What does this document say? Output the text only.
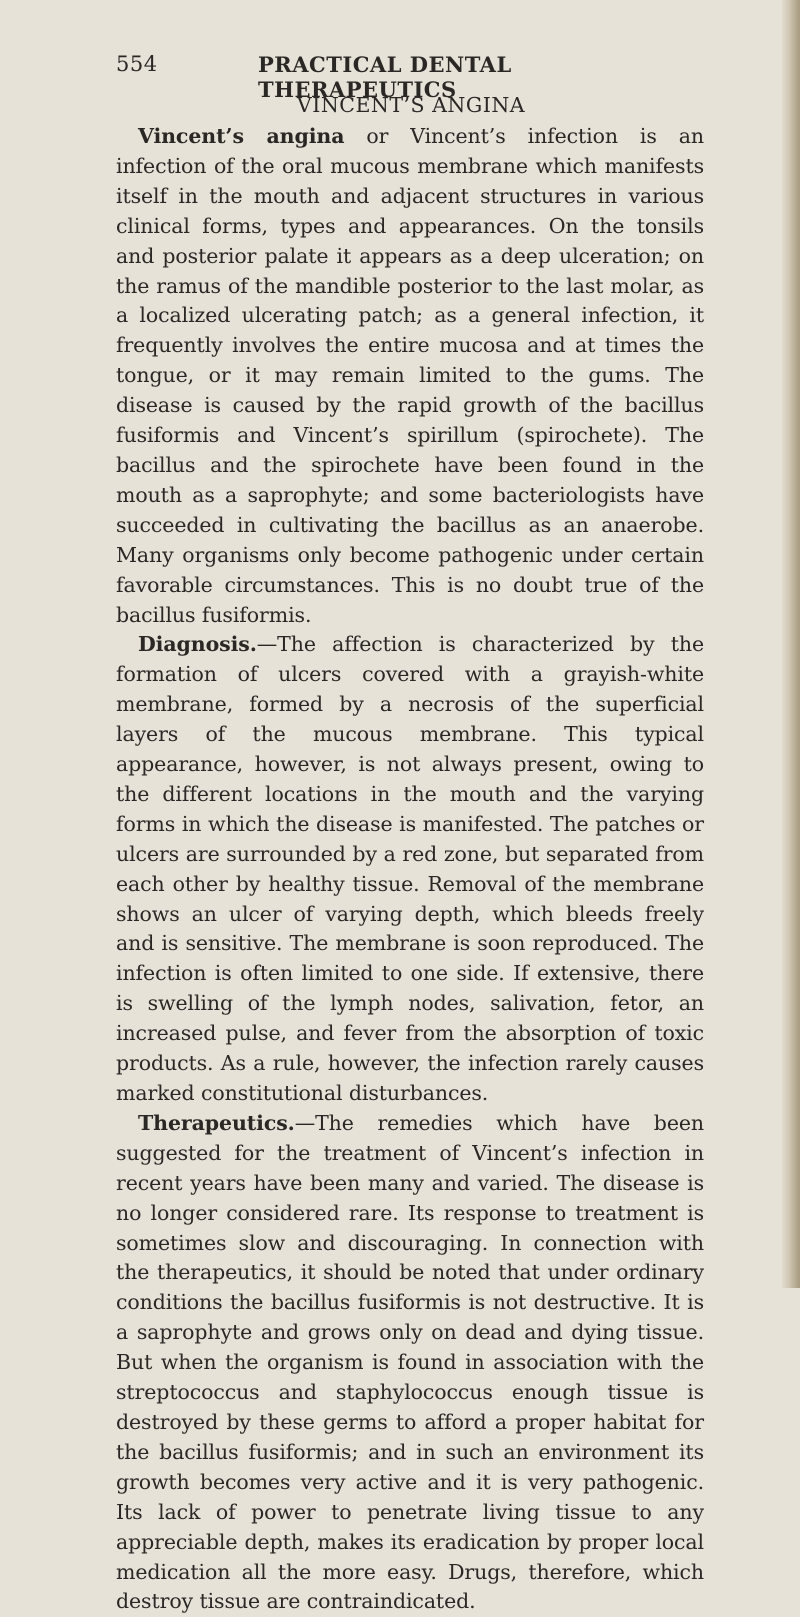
554	PRACTICAL DENTAL THERAPEUTICS
VINCENT’S ANGINA

Vincent’s angina or Vincent’s infection is an infection of the oral mucous membrane which manifests itself in the mouth and adjacent structures in various clinical forms, types and appearances. On the tonsils and posterior palate it appears as a deep ulceration; on the ramus of the mandible posterior to the last molar, as a localized ulcerating patch; as a general infection, it frequently involves the entire mucosa and at times the tongue, or it may remain limited to the gums. The disease is caused by the rapid growth of the bacillus fusiformis and Vincent’s spirillum (spirochete). The bacillus and the spirochete have been found in the mouth as a saprophyte; and some bacteriologists have succeeded in cultivating the bacillus as an anaerobe. Many organisms only become pathogenic under certain favorable circumstances. This is no doubt true of the bacillus fusiformis.

Diagnosis.—The affection is characterized by the formation of ulcers covered with a grayish-white membrane, formed by a necrosis of the superficial layers of the mucous membrane. This typical appearance, however, is not always present, owing to the different locations in the mouth and the varying forms in which the disease is manifested. The patches or ulcers are surrounded by a red zone, but separated from each other by healthy tissue. Removal of the membrane shows an ulcer of varying depth, which bleeds freely and is sensitive. The membrane is soon reproduced. The infection is often limited to one side. If extensive, there is swelling of the lymph nodes, salivation, fetor, an increased pulse, and fever from the absorption of toxic products. As a rule, however, the infection rarely causes marked constitutional disturbances.

Therapeutics.—The remedies which have been suggested for the treatment of Vincent’s infection in recent years have been many and varied. The disease is no longer considered rare. Its response to treatment is sometimes slow and discouraging. In connection with the therapeutics, it should be noted that under ordinary conditions the bacillus fusiformis is not destructive. It is a saprophyte and grows only on dead and dying tissue. But when the organism is found in association with the streptococcus and staphylococcus enough tissue is destroyed by these germs to afford a proper habitat for the bacillus fusiformis; and in such an environment its growth becomes very active and it is very pathogenic. Its lack of power to penetrate living tissue to any appreciable depth, makes its eradication by proper local medication all the more easy. Drugs, therefore, which destroy tissue are contraindicated.
